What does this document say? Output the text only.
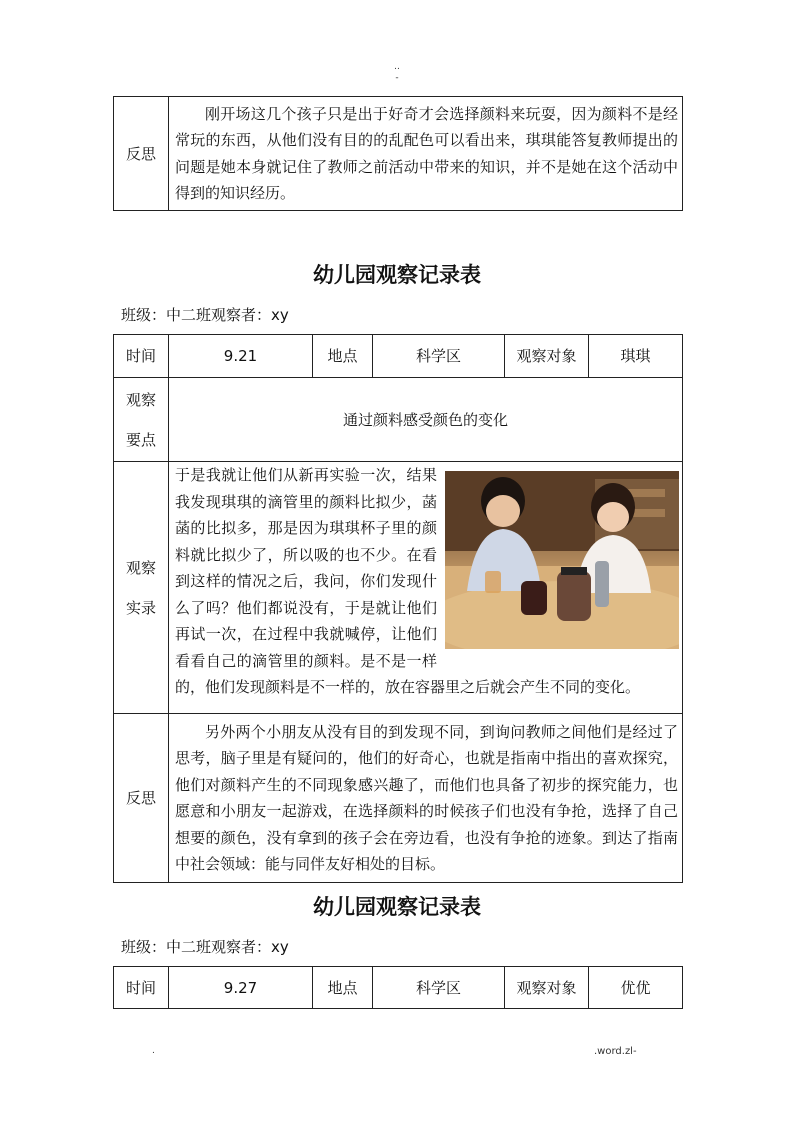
..
-
反思	刚开场这几个孩子只是出于好奇才会选择颜料来玩耍，因为颜料不是经常玩的东西，从他们没有目的的乱配色可以看出来，琪琪能答复教师提出的问题是她本身就记住了教师之前活动中带来的知识，并不是她在这个活动中得到的知识经历。
幼儿园观察记录表
班级：中二班观察者：xy
时间	9.21	地点	科学区	观察对象	琪琪

观察
要点	通过颜料感受颜色的变化				

观察
实录	于是我就让他们从新再实验一次，结果我发现琪琪的滴管里的颜料比拟少，菡菡的比拟多，那是因为琪琪杯子里的颜料就比拟少了，所以吸的也不少。在看到这样的情况之后，我问，你们发现什么了吗？他们都说没有，于是就让他们再试一次，在过程中我就喊停，让他们看看自己的滴管里的颜料。是不是一样的，他们发现颜料是不一样的，放在容器里之后就会产生不同的变化。				

反思	另外两个小朋友从没有目的到发现不同，到询问教师之间他们是经过了思考，脑子里是有疑问的，他们的好奇心，也就是指南中指出的喜欢探究，他们对颜料产生的不同现象感兴趣了，而他们也具备了初步的探究能力，也愿意和小朋友一起游戏，在选择颜料的时候孩子们也没有争抢，选择了自己想要的颜色，没有拿到的孩子会在旁边看，也没有争抢的迹象。到达了指南中社会领域：能与同伴友好相处的目标。				
幼儿园观察记录表
班级：中二班观察者：xy
时间	9.27	地点	科学区	观察对象	优优
.	.word.zl-
